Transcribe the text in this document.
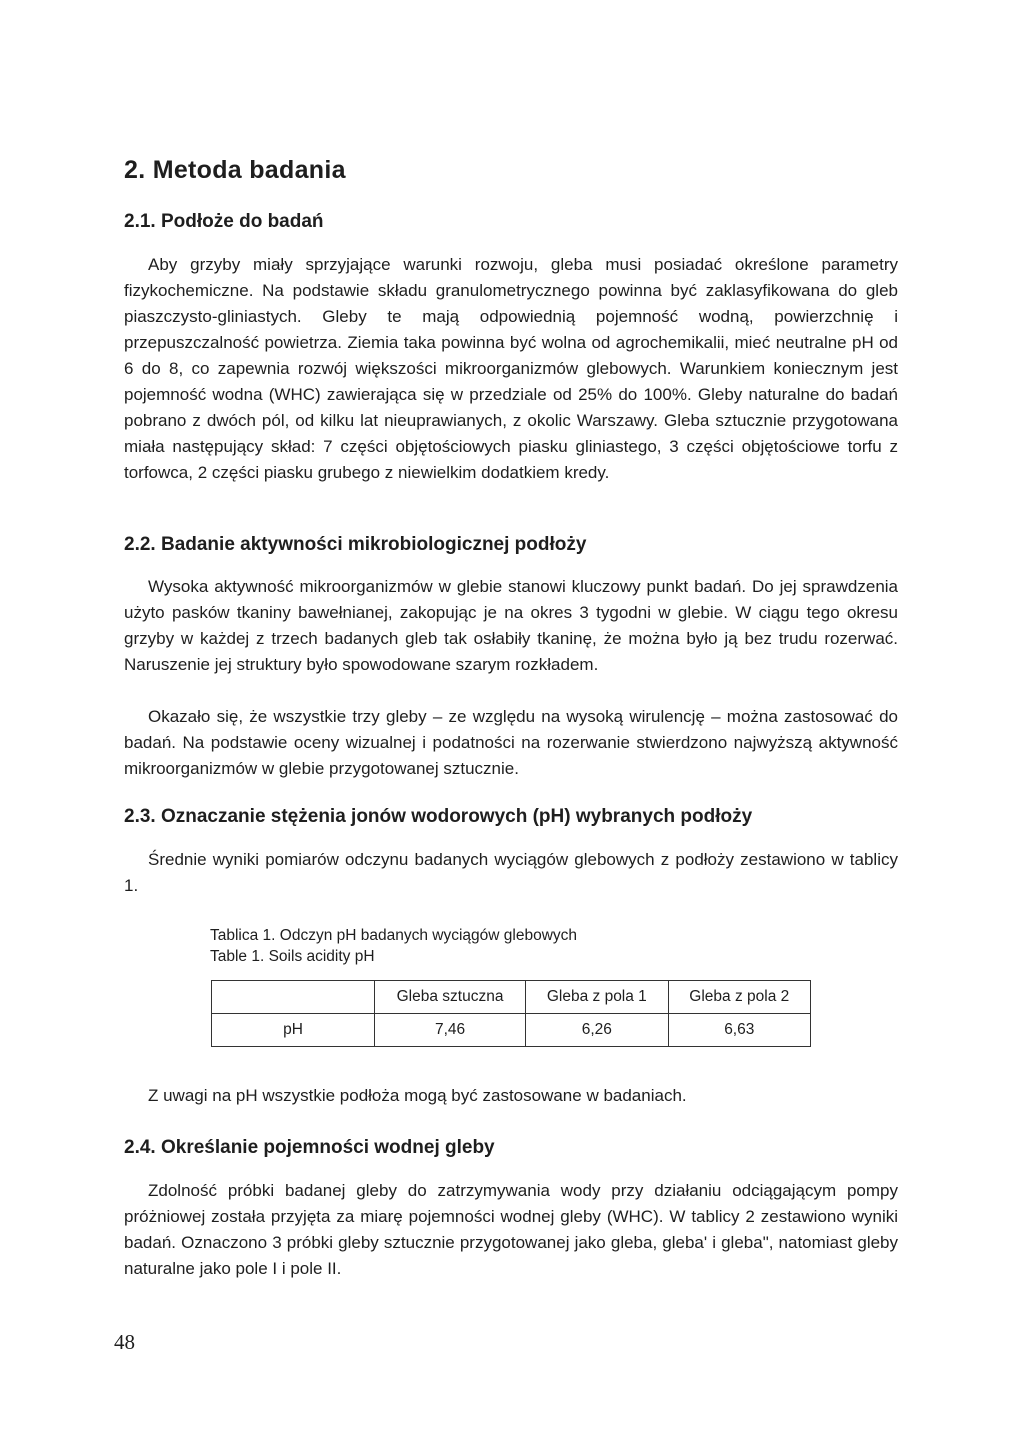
2. Metoda badania
2.1. Podłoże do badań

Aby grzyby miały sprzyjające warunki rozwoju, gleba musi posiadać określone parametry fizykochemiczne. Na podstawie składu granulometrycznego powinna być zaklasyfikowana do gleb piaszczysto-gliniastych. Gleby te mają odpowiednią pojemność wodną, powierzchnię i przepuszczalność powietrza. Ziemia taka powinna być wolna od agrochemikalii, mieć neutralne pH od 6 do 8, co zapewnia rozwój większości mikroorganizmów glebowych. Warunkiem koniecznym jest pojemność wodna (WHC) zawierająca się w przedziale od 25% do 100%. Gleby naturalne do badań pobrano z dwóch pól, od kilku lat nieuprawianych, z okolic Warszawy. Gleba sztucznie przygotowana miała następujący skład: 7 części objętościowych piasku gliniastego, 3 części objętościowe torfu z torfowca, 2 części piasku grubego z niewielkim dodatkiem kredy.

2.2. Badanie aktywności mikrobiologicznej podłoży

Wysoka aktywność mikroorganizmów w glebie stanowi kluczowy punkt badań. Do jej sprawdzenia użyto pasków tkaniny bawełnianej, zakopując je na okres 3 tygodni w glebie. W ciągu tego okresu grzyby w każdej z trzech badanych gleb tak osłabiły tkaninę, że można było ją bez trudu rozerwać. Naruszenie jej struktury było spowodowane szarym rozkładem.

Okazało się, że wszystkie trzy gleby – ze względu na wysoką wirulencję – można zastosować do badań. Na podstawie oceny wizualnej i podatności na rozerwanie stwierdzono najwyższą aktywność mikroorganizmów w glebie przygotowanej sztucznie.

2.3. Oznaczanie stężenia jonów wodorowych (pH) wybranych podłoży

Średnie wyniki pomiarów odczynu badanych wyciągów glebowych z podłoży zestawiono w tablicy 1.

Tablica 1. Odczyn pH badanych wyciągów glebowych

Table 1. Soils acidity pH

	Gleba sztuczna	Gleba z pola 1	Gleba z pola 2
pH	7,46	6,26	6,63

Z uwagi na pH wszystkie podłoża mogą być zastosowane w badaniach.

2.4. Określanie pojemności wodnej gleby

Zdolność próbki badanej gleby do zatrzymywania wody przy działaniu odciągającym pompy próżniowej została przyjęta za miarę pojemności wodnej gleby (WHC). W tablicy 2 zestawiono wyniki badań. Oznaczono 3 próbki gleby sztucznie przygotowanej jako gleba, gleba' i gleba", natomiast gleby naturalne jako pole I i pole II.

48
